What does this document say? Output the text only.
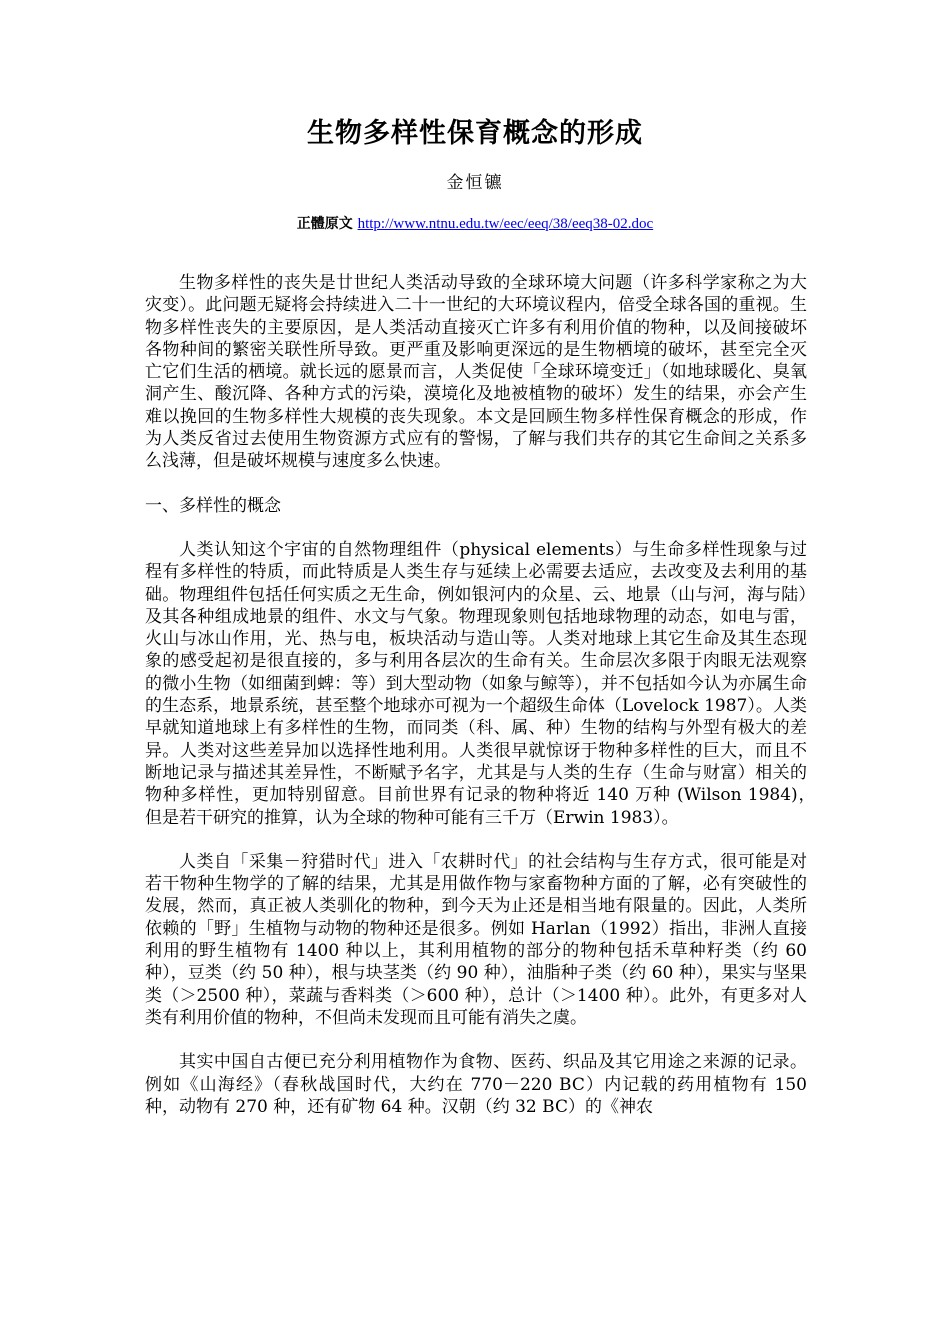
生物多样性保育概念的形成
金恒镳
正體原文 http://www.ntnu.edu.tw/eec/eeq/38/eeq38-02.doc

生物多样性的丧失是廿世纪人类活动导致的全球环境大问题（许多科学家称之为大灾变）。此问题无疑将会持续进入二十一世纪的大环境议程内，倍受全球各国的重视。生物多样性丧失的主要原因，是人类活动直接灭亡许多有利用价值的物种，以及间接破坏各物种间的繁密关联性所导致。更严重及影响更深远的是生物栖境的破坏，甚至完全灭亡它们生活的栖境。就长远的愿景而言，人类促使「全球环境变迁」（如地球暖化、臭氧洞产生、酸沉降、各种方式的污染，漠境化及地被植物的破坏）发生的结果，亦会产生难以挽回的生物多样性大规模的丧失现象。本文是回顾生物多样性保育概念的形成，作为人类反省过去使用生物资源方式应有的警惕，了解与我们共存的其它生命间之关系多么浅薄，但是破坏规模与速度多么快速。

一、多样性的概念

人类认知这个宇宙的自然物理组件（physical elements）与生命多样性现象与过程有多样性的特质，而此特质是人类生存与延续上必需要去适应，去改变及去利用的基础。物理组件包括任何实质之无生命，例如银河内的众星、云、地景（山与河，海与陆）及其各种组成地景的组件、水文与气象。物理现象则包括地球物理的动态，如电与雷，火山与冰山作用，光、热与电，板块活动与造山等。人类对地球上其它生命及其生态现象的感受起初是很直接的，多与利用各层次的生命有关。生命层次多限于肉眼无法观察的微小生物（如细菌到蜱：等）到大型动物（如象与鲸等），并不包括如今认为亦属生命的生态系，地景系统，甚至整个地球亦可视为一个超级生命体（Lovelock 1987）。人类早就知道地球上有多样性的生物，而同类（科、属、种）生物的结构与外型有极大的差异。人类对这些差异加以选择性地利用。人类很早就惊讶于物种多样性的巨大，而且不断地记录与描述其差异性，不断赋予名字，尤其是与人类的生存（生命与财富）相关的物种多样性，更加特别留意。目前世界有记录的物种将近 140 万种 (Wilson 1984)，　但是若干研究的推算，认为全球的物种可能有三千万（Erwin 1983）。

人类自「采集－狩猎时代」进入「农耕时代」的社会结构与生存方式，很可能是对若干物种生物学的了解的结果，尤其是用做作物与家畜物种方面的了解，必有突破性的发展，然而，真正被人类驯化的物种，到今天为止还是相当地有限量的。因此，人类所依赖的「野」生植物与动物的物种还是很多。例如 Harlan（1992）指出，非洲人直接利用的野生植物有 1400 种以上，其利用植物的部分的物种包括禾草种籽类（约 60 种），豆类（约 50 种），根与块茎类（约 90 种），油脂种子类（约 60 种），果实与坚果类（＞2500 种），菜蔬与香料类（＞600 种），总计（＞1400 种）。此外，有更多对人类有利用价值的物种，不但尚未发现而且可能有消失之虞。

其实中国自古便已充分利用植物作为食物、医药、织品及其它用途之来源的记录。例如《山海经》（春秋战国时代，大约在 770－220 BC）内记载的药用植物有 150 种，动物有 270 种，还有矿物 64 种。汉朝（约 32 BC）的《神农
